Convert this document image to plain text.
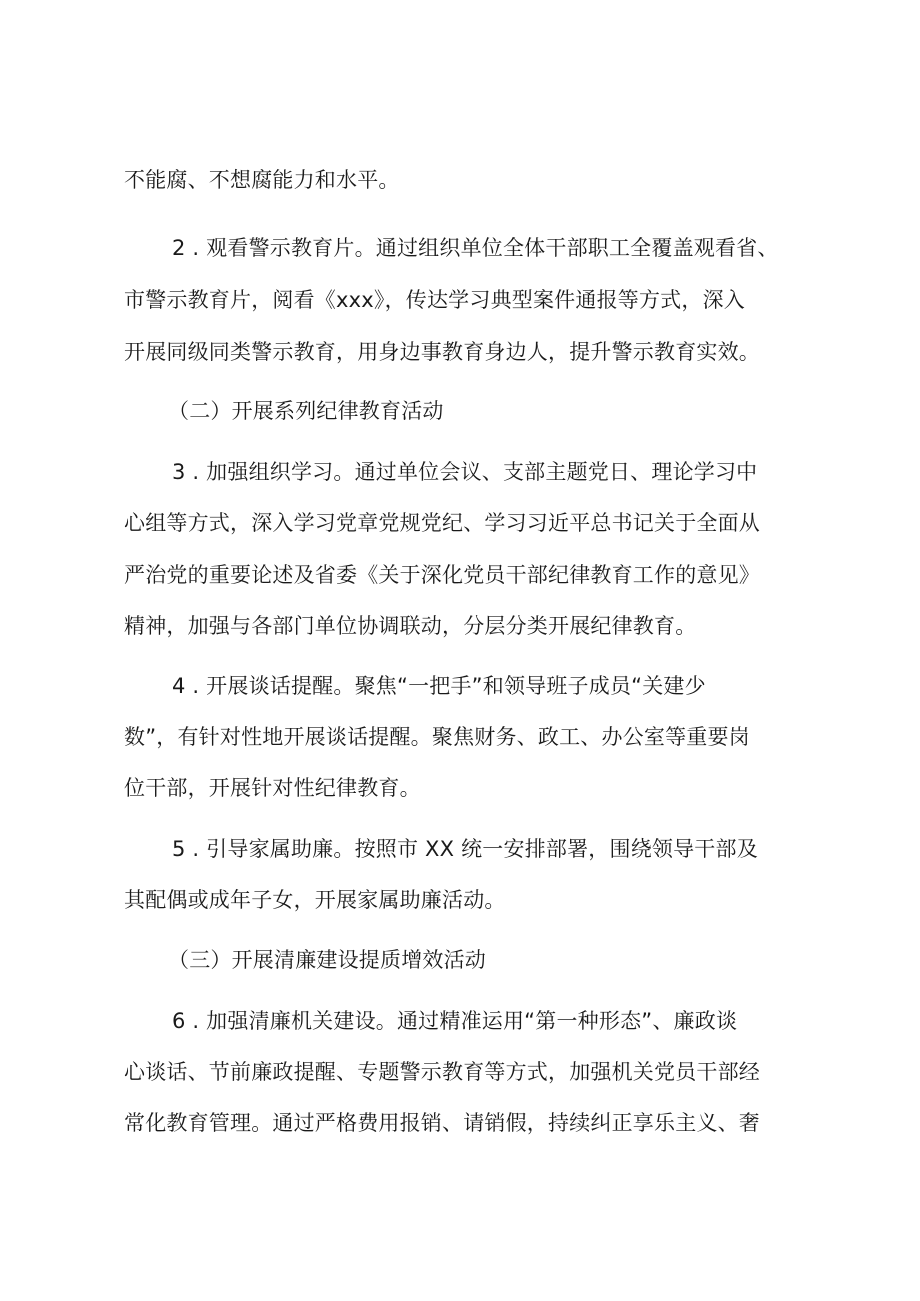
不能腐、不想腐能力和水平。
2 . 观看警示教育片。通过组织单位全体干部职工全覆盖观看省、
市警示教育片，阅看《xxx》，传达学习典型案件通报等方式，深入
开展同级同类警示教育，用身边事教育身边人，提升警示教育实效。
（二）开展系列纪律教育活动
3 . 加强组织学习。通过单位会议、支部主题党日、理论学习中
心组等方式，深入学习党章党规党纪、学习习近平总书记关于全面从
严治党的重要论述及省委《关于深化党员干部纪律教育工作的意见》
精神，加强与各部门单位协调联动，分层分类开展纪律教育。
4 . 开展谈话提醒。聚焦“一把手”和领导班子成员“关建少
数”，有针对性地开展谈话提醒。聚焦财务、政工、办公室等重要岗
位干部，开展针对性纪律教育。
5 . 引导家属助廉。按照市 XX 统一安排部署，围绕领导干部及
其配偶或成年子女，开展家属助廉活动。
（三）开展清廉建设提质增效活动
6 . 加强清廉机关建设。通过精准运用“第一种形态”、廉政谈
心谈话、节前廉政提醒、专题警示教育等方式，加强机关党员干部经
常化教育管理。通过严格费用报销、请销假，持续纠正享乐主义、奢
